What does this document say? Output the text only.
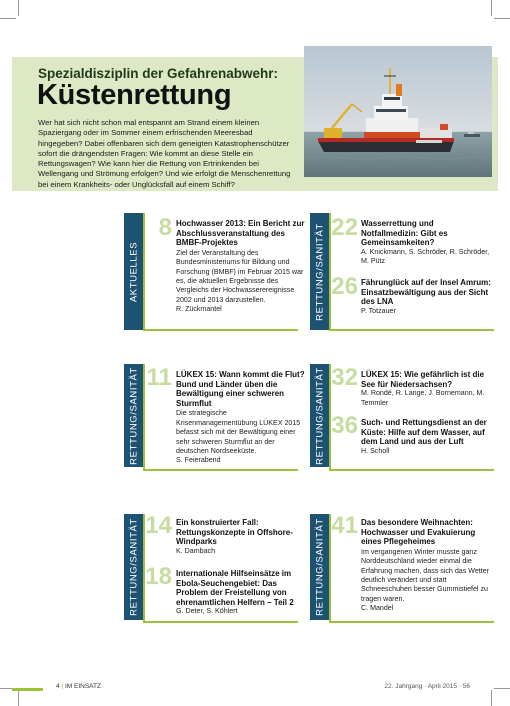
Spezialdisziplin der Gefahrenabwehr:
Küstenrettung
Wer hat sich nicht schon mal entspannt am Strand einem kleinen Spaziergang oder im Sommer einem erfrischenden Meeresbad hingegeben? Dabei offenbaren sich dem geneigten Katastrophenschützer sofort die drängendsten Fragen: Wie kommt an diese Stelle ein Rettungswagen? Wie kann hier die Rettung von Ertrinkenden bei Wellengang und Strömung erfolgen? Und wie erfolgt die Menschenrettung bei einem Krankheits- oder Unglücksfall auf einem Schiff?
AKTUELLES
8 Hochwasser 2013: Ein Bericht zur Abschlussveranstaltung des BMBF-Projektes
Ziel der Veranstaltung des Bundesministeriums für Bildung und Forschung (BMBF) im Februar 2015 war es, die aktuellen Ergebnisse des Vergleichs der Hochwasserereignisse 2002 und 2013 darzustellen.
R. Zückmantel	RETTUNG/SANITÄT 22 Wasserrettung und Notfallmedizin: Gibt es Gemeinsamkeiten?
A. Knickmann, S. Schröder, R. Schröder, M. Pütz
26 Fährunglück auf der Insel Amrum: Einsatzbewältigung aus der Sicht des LNA
P. Totzauer
RETTUNG/SANITÄT 11 LÜKEX 15: Wann kommt die Flut? Bund und Länder üben die Bewältigung einer schweren Sturmflut
Die strategische Krisenmanagementübung LÜKEX 2015 befasst sich mit der Bewältigung einer sehr schweren Sturmflut an der deutschen Nordseeküste.
S. Feierabend	RETTUNG/SANITÄT 32 LÜKEX 15: Wie gefährlich ist die See für Niedersachsen?
M. Rondé, R. Lange, J. Bornemann, M. Temmler
36 Such- und Rettungsdienst an der Küste: Hilfe auf dem Wasser, auf dem Land und aus der Luft
H. Scholl
RETTUNG/SANITÄT 14 Ein konstruierter Fall: Rettungskonzepte in Offshore-Windparks
K. Dambach
18 Internationale Hilfseinsätze im Ebola-Seuchengebiet: Das Problem der Freistellung von ehrenamtlichen Helfern – Teil 2
G. Deter, S. Köhlert	RETTUNG/SANITÄT 41 Das besondere Weihnachten: Hochwasser und Evakuierung eines Pflegeheimes
Im vergangenen Winter musste ganz Norddeutschland wieder einmal die Erfahrung machen, dass sich das Wetter deutlich verändert und statt Schneeschuhen besser Gummistiefel zu tragen waren.
C. Mandel
4 | IM EINSATZ	22. Jahrgang · April 2015 · 56
